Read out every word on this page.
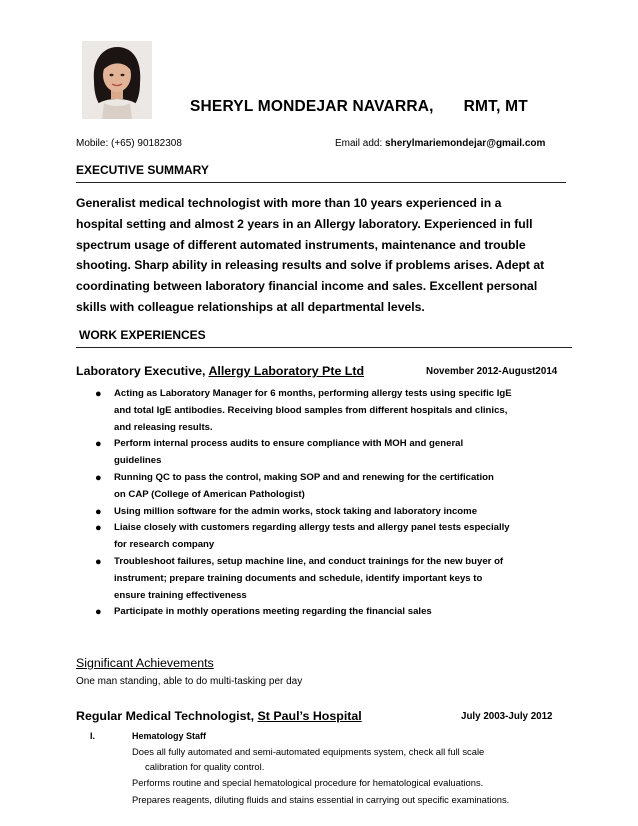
SHERYL MONDEJAR NAVARRA, RMT, MT
Mobile: (+65) 90182308	Email add: sherylmariemondejar@gmail.com
EXECUTIVE SUMMARY
Generalist medical technologist with more than 10 years experienced in a
hospital setting and almost 2 years in an Allergy laboratory. Experienced in full
spectrum usage of different automated instruments, maintenance and trouble
shooting. Sharp ability in releasing results and solve if problems arises. Adept at
coordinating between laboratory financial income and sales. Excellent personal
skills with colleague relationships at all departmental levels.
WORK EXPERIENCES
Laboratory Executive, Allergy Laboratory Pte Ltd	November 2012-August2014
● Acting as Laboratory Manager for 6 months, performing allergy tests using specific IgE
and total IgE antibodies. Receiving blood samples from different hospitals and clinics,
and releasing results.
● Perform internal process audits to ensure compliance with MOH and general
guidelines
● Running QC to pass the control, making SOP and and renewing for the certification
on CAP (College of American Pathologist)
● Using million software for the admin works, stock taking and laboratory income
● Liaise closely with customers regarding allergy tests and allergy panel tests especially
for research company
● Troubleshoot failures, setup machine line, and conduct trainings for the new buyer of
instrument; prepare training documents and schedule, identify important keys to
ensure training effectiveness
● Participate in mothly operations meeting regarding the financial sales
Significant Achievements
One man standing, able to do multi-tasking per day
Regular Medical Technologist, St Paul’s Hospital	July 2003-July 2012
I.	Hematology Staff
Does all fully automated and semi-automated equipments system, check all full scale
calibration for quality control.
Performs routine and special hematological procedure for hematological evaluations.
Prepares reagents, diluting fluids and stains essential in carrying out specific examinations.
